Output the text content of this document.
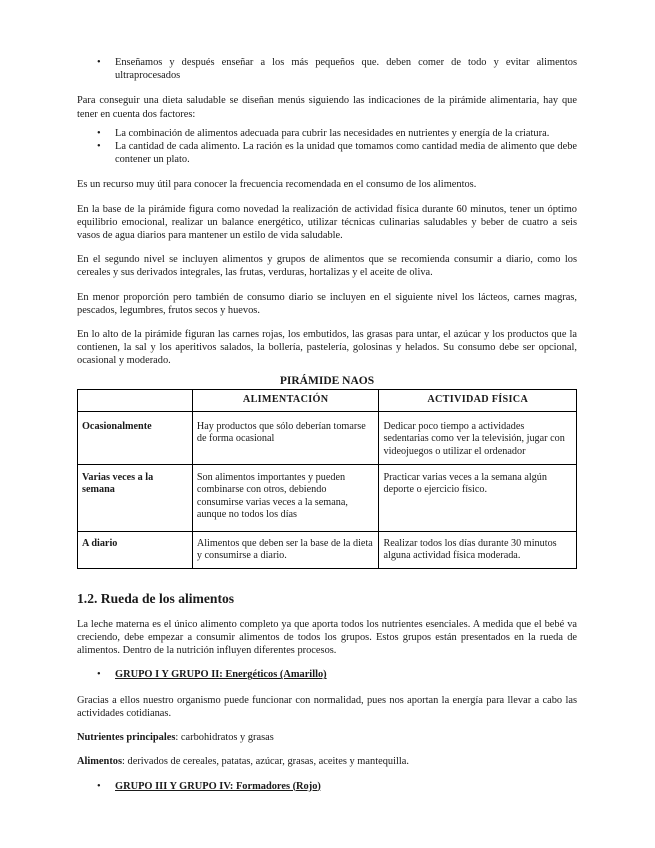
• Enseñamos y después enseñar a los más pequeños que. deben comer de todo y evitar alimentos ultraprocesados

Para conseguir una dieta saludable se diseñan menús siguiendo las indicaciones de la pirámide alimentaria, hay que tener en cuenta dos factores:

• La combinación de alimentos adecuada para cubrir las necesidades en nutrientes y energía de la criatura.
• La cantidad de cada alimento. La ración es la unidad que tomamos como cantidad media de alimento que debe contener un plato.

Es un recurso muy útil para conocer la frecuencia recomendada en el consumo de los alimentos.

En la base de la pirámide figura como novedad la realización de actividad física durante 60 minutos, tener un óptimo equilibrio emocional, realizar un balance energético, utilizar técnicas culinarias saludables y beber de cuatro a seis vasos de agua diarios para mantener un estilo de vida saludable.

En el segundo nivel se incluyen alimentos y grupos de alimentos que se recomienda consumir a diario, como los cereales y sus derivados integrales, las frutas, verduras, hortalizas y el aceite de oliva.

En menor proporción pero también de consumo diario se incluyen en el siguiente nivel los lácteos, carnes magras, pescados, legumbres, frutos secos y huevos.

En lo alto de la pirámide figuran las carnes rojas, los embutidos, las grasas para untar, el azúcar y los productos que la contienen, la sal y los aperitivos salados, la bollería, pastelería, golosinas y helados. Su consumo debe ser opcional, ocasional y moderado.

PIRÁMIDE NAOS
	ALIMENTACIÓN	ACTIVIDAD FÍSICA
Ocasionalmente	Hay productos que sólo deberían tomarse de forma ocasional	Dedicar poco tiempo a actividades sedentarias como ver la televisión, jugar con videojuegos o utilizar el ordenador
Varias veces a la semana	Son alimentos importantes y pueden combinarse con otros, debiendo consumirse varias veces a la semana, aunque no todos los días	Practicar varias veces a la semana algún deporte o ejercicio físico.
A diario	Alimentos que deben ser la base de la dieta y consumirse a diario.	Realizar todos los días durante 30 minutos alguna actividad física moderada.
1.2. Rueda de los alimentos

La leche materna es el único alimento completo ya que aporta todos los nutrientes esenciales. A medida que el bebé va creciendo, debe empezar a consumir alimentos de todos los grupos. Estos grupos están presentados en la rueda de alimentos. Dentro de la nutrición influyen diferentes procesos.

• GRUPO I Y GRUPO II: Energéticos (Amarillo)

Gracias a ellos nuestro organismo puede funcionar con normalidad, pues nos aportan la energía para llevar a cabo las actividades cotidianas.

Nutrientes principales: carbohidratos y grasas

Alimentos: derivados de cereales, patatas, azúcar, grasas, aceites y mantequilla.

• GRUPO III Y GRUPO IV: Formadores (Rojo)
